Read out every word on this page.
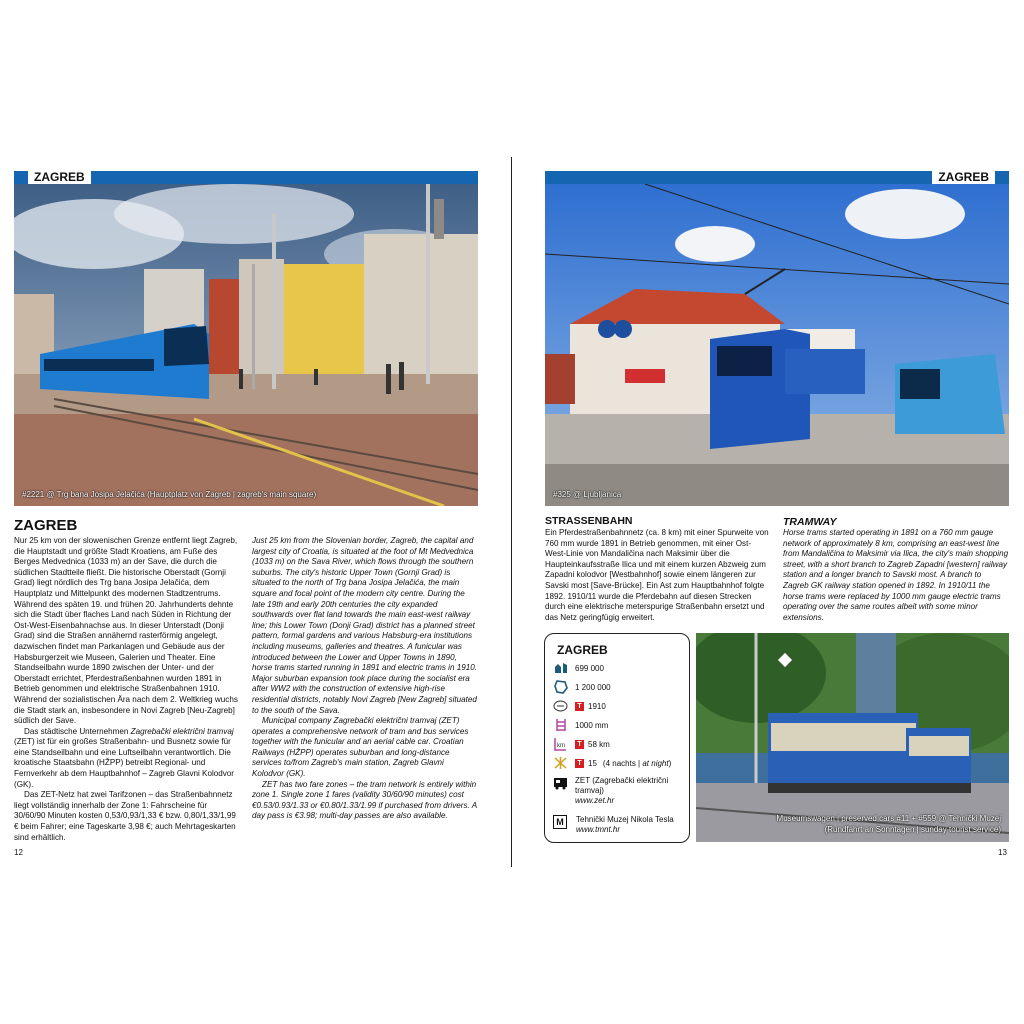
ZAGREB
#2221 @ Trg bana Josipa Jelačića (Hauptplatz von Zagreb | zagreb's main square)
ZAGREB

Nur 25 km von der slowenischen Grenze entfernt liegt Zagreb, die Hauptstadt und größte Stadt Kroatiens, am Fuße des Berges Medvednica (1033 m) an der Save, die durch die südlichen Stadtteile fließt. Die historische Oberstadt (Gornji Grad) liegt nördlich des Trg bana Josipa Jelačića, dem Hauptplatz und Mittelpunkt des modernen Stadtzentrums. Während des späten 19. und frühen 20. Jahrhunderts dehnte sich die Stadt über flaches Land nach Süden in Richtung der Ost-West-Eisenbahnachse aus. In dieser Unterstadt (Donji Grad) sind die Straßen annähernd rasterförmig angelegt, dazwischen findet man Parkanlagen und Gebäude aus der Habsburgerzeit wie Museen, Galerien und Theater. Eine Standseilbahn wurde 1890 zwischen der Unter- und der Oberstadt errichtet, Pferdestraßenbahnen wurden 1891 in Betrieb genommen und elektrische Straßenbahnen 1910. Während der sozialistischen Ära nach dem 2. Weltkrieg wuchs die Stadt stark an, insbesondere in Novi Zagreb [Neu-Zagreb] südlich der Save.

Das städtische Unternehmen Zagrebački električni tramvaj (ZET) ist für ein großes Straßenbahn- und Busnetz sowie für eine Standseilbahn und eine Luftseilbahn verantwortlich. Die kroatische Staatsbahn (HŽPP) betreibt Regional- und Fernverkehr ab dem Hauptbahnhof – Zagreb Glavni Kolodvor (GK).

Das ZET-Netz hat zwei Tarifzonen – das Straßenbahnnetz liegt vollständig innerhalb der Zone 1: Fahrscheine für 30/60/90 Minuten kosten 0,53/0,93/1,33 € bzw. 0,80/1,33/1,99 € beim Fahrer; eine Tageskarte 3,98 €; auch Mehrtageskarten sind erhältlich.

Just 25 km from the Slovenian border, Zagreb, the capital and largest city of Croatia, is situated at the foot of Mt Medvednica (1033 m) on the Sava River, which flows through the southern suburbs. The city's historic Upper Town (Gornji Grad) is situated to the north of Trg bana Josipa Jelačića, the main square and focal point of the modern city centre. During the late 19th and early 20th centuries the city expanded southwards over flat land towards the main east-west railway line; this Lower Town (Donji Grad) district has a planned street pattern, formal gardens and various Habsburg-era institutions including museums, galleries and theatres. A funicular was introduced between the Lower and Upper Towns in 1890, horse trams started running in 1891 and electric trams in 1910. Major suburban expansion took place during the socialist era after WW2 with the construction of extensive high-rise residential districts, notably Novi Zagreb [New Zagreb] situated to the south of the Sava.

Municipal company Zagrebački električni tramvaj (ZET) operates a comprehensive network of tram and bus services together with the funicular and an aerial cable car. Croatian Railways (HŽPP) operates suburban and long-distance services to/from Zagreb's main station, Zagreb Glavni Kolodvor (GK).

ZET has two fare zones – the tram network is entirely within zone 1. Single zone 1 fares (validity 30/60/90 minutes) cost €0.53/0.93/1.33 or €0.80/1.33/1.99 if purchased from drivers. A day pass is €3.98; multi-day passes are also available.

12
ZAGREB
#325 @ Ljubljanica
STRASSENBAHN	TRAMWAY
Ein Pferdestraßenbahnnetz (ca. 8 km) mit einer Spurweite von 760 mm wurde 1891 in Betrieb genommen, mit einer Ost-West-Linie von Mandaličina nach Maksimir über die Haupteinkaufsstraße Ilica und mit einem kurzen Abzweig zum Zapadni kolodvor [Westbahnhof] sowie einem längeren zur Savski most [Save-Brücke]. Ein Ast zum Hauptbahnhof folgte 1892. 1910/11 wurde die Pferdebahn auf diesen Strecken durch eine elektrische meterspurige Straßenbahn ersetzt und das Netz geringfügig erweitert.
Horse trams started operating in 1891 on a 760 mm gauge network of approximately 8 km, comprising an east-west line from Mandaličina to Maksimir via Ilica, the city's main shopping street, with a short branch to Zagreb Zapadni [western] railway station and a longer branch to Savski most. A branch to Zagreb GK railway station opened in 1892. In 1910/11 the horse trams were replaced by 1000 mm gauge electric trams operating over the same routes albeit with some minor extensions.
ZAGREB
699 000
1 200 000
T 1910
1000 mm
km	T 58 km
T 15 (4 nachts | at night)
ZET (Zagrebački električni tramvaj)
www.zet.hr
M	Tehnički Muzej Nikola Tesla
www.tmnt.hr
Museumswagen | preserved cars #11 + #559 @ Tehnički Muzej
(Rundfahrt an Sonntagen | sunday tourist service)
13
